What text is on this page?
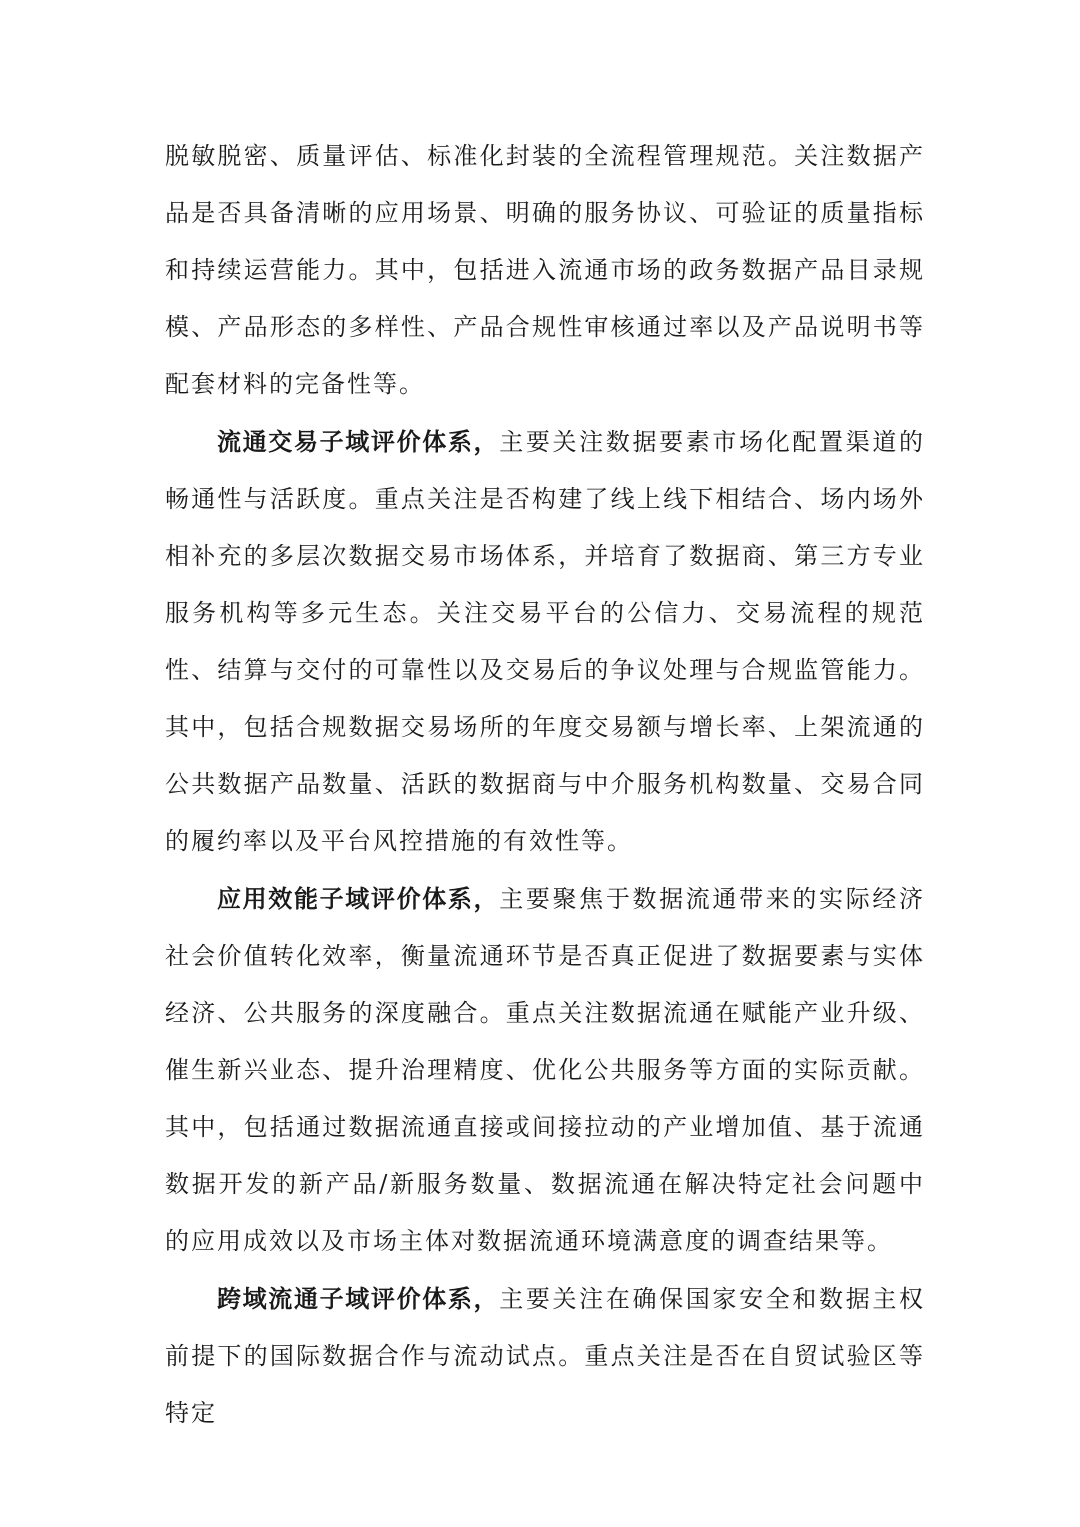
脱敏脱密、质量评估、标准化封装的全流程管理规范。关注数据产品是否具备清晰的应用场景、明确的服务协议、可验证的质量指标和持续运营能力。其中，包括进入流通市场的政务数据产品目录规模、产品形态的多样性、产品合规性审核通过率以及产品说明书等配套材料的完备性等。

流通交易子域评价体系，主要关注数据要素市场化配置渠道的畅通性与活跃度。重点关注是否构建了线上线下相结合、场内场外相补充的多层次数据交易市场体系，并培育了数据商、第三方专业服务机构等多元生态。关注交易平台的公信力、交易流程的规范性、结算与交付的可靠性以及交易后的争议处理与合规监管能力。其中，包括合规数据交易场所的年度交易额与增长率、上架流通的公共数据产品数量、活跃的数据商与中介服务机构数量、交易合同的履约率以及平台风控措施的有效性等。

应用效能子域评价体系，主要聚焦于数据流通带来的实际经济社会价值转化效率，衡量流通环节是否真正促进了数据要素与实体经济、公共服务的深度融合。重点关注数据流通在赋能产业升级、催生新兴业态、提升治理精度、优化公共服务等方面的实际贡献。其中，包括通过数据流通直接或间接拉动的产业增加值、基于流通数据开发的新产品/新服务数量、数据流通在解决特定社会问题中的应用成效以及市场主体对数据流通环境满意度的调查结果等。

跨域流通子域评价体系，主要关注在确保国家安全和数据主权前提下的国际数据合作与流动试点。重点关注是否在自贸试验区等特定
